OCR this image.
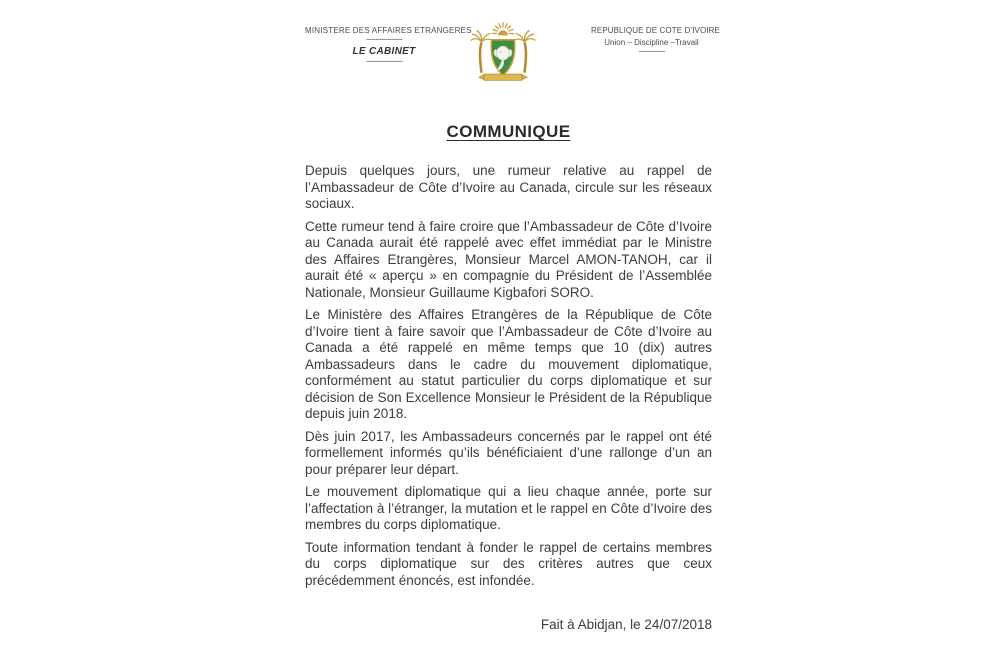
MINISTERE DES AFFAIRES ETRANGERES
------------------
LE CABINET
------------------
REPUBLIQUE DE COTE D’IVOIRE
Union – Discipline –Travail
-------------
COMMUNIQUE

Depuis quelques jours, une rumeur relative au rappel de l’Ambassadeur de Côte d’Ivoire au Canada, circule sur les réseaux sociaux.

Cette rumeur tend à faire croire que l’Ambassadeur de Côte d’Ivoire au Canada aurait été rappelé avec effet immédiat par le Ministre des Affaires Etrangères, Monsieur Marcel AMON-TANOH, car il aurait été « aperçu » en compagnie du Président de l’Assemblée Nationale, Monsieur Guillaume Kigbafori SORO.

Le Ministère des Affaires Etrangères de la République de Côte d’Ivoire tient à faire savoir que l’Ambassadeur de Côte d’Ivoire au Canada a été rappelé en même temps que 10 (dix) autres Ambassadeurs dans le cadre du mouvement diplomatique, conformément au statut particulier du corps diplomatique et sur décision de Son Excellence Monsieur le Président de la République depuis juin 2018.

Dès juin 2017, les Ambassadeurs concernés par le rappel ont été formellement informés qu’ils bénéficiaient d’une rallonge d’un an pour préparer leur départ.

Le mouvement diplomatique qui a lieu chaque année, porte sur l’affectation à l’étranger, la mutation et le rappel en Côte d’Ivoire des membres du corps diplomatique.

Toute information tendant à fonder le rappel de certains membres du corps diplomatique sur des critères autres que ceux précédemment énoncés, est infondée.

Fait à Abidjan, le 24/07/2018
